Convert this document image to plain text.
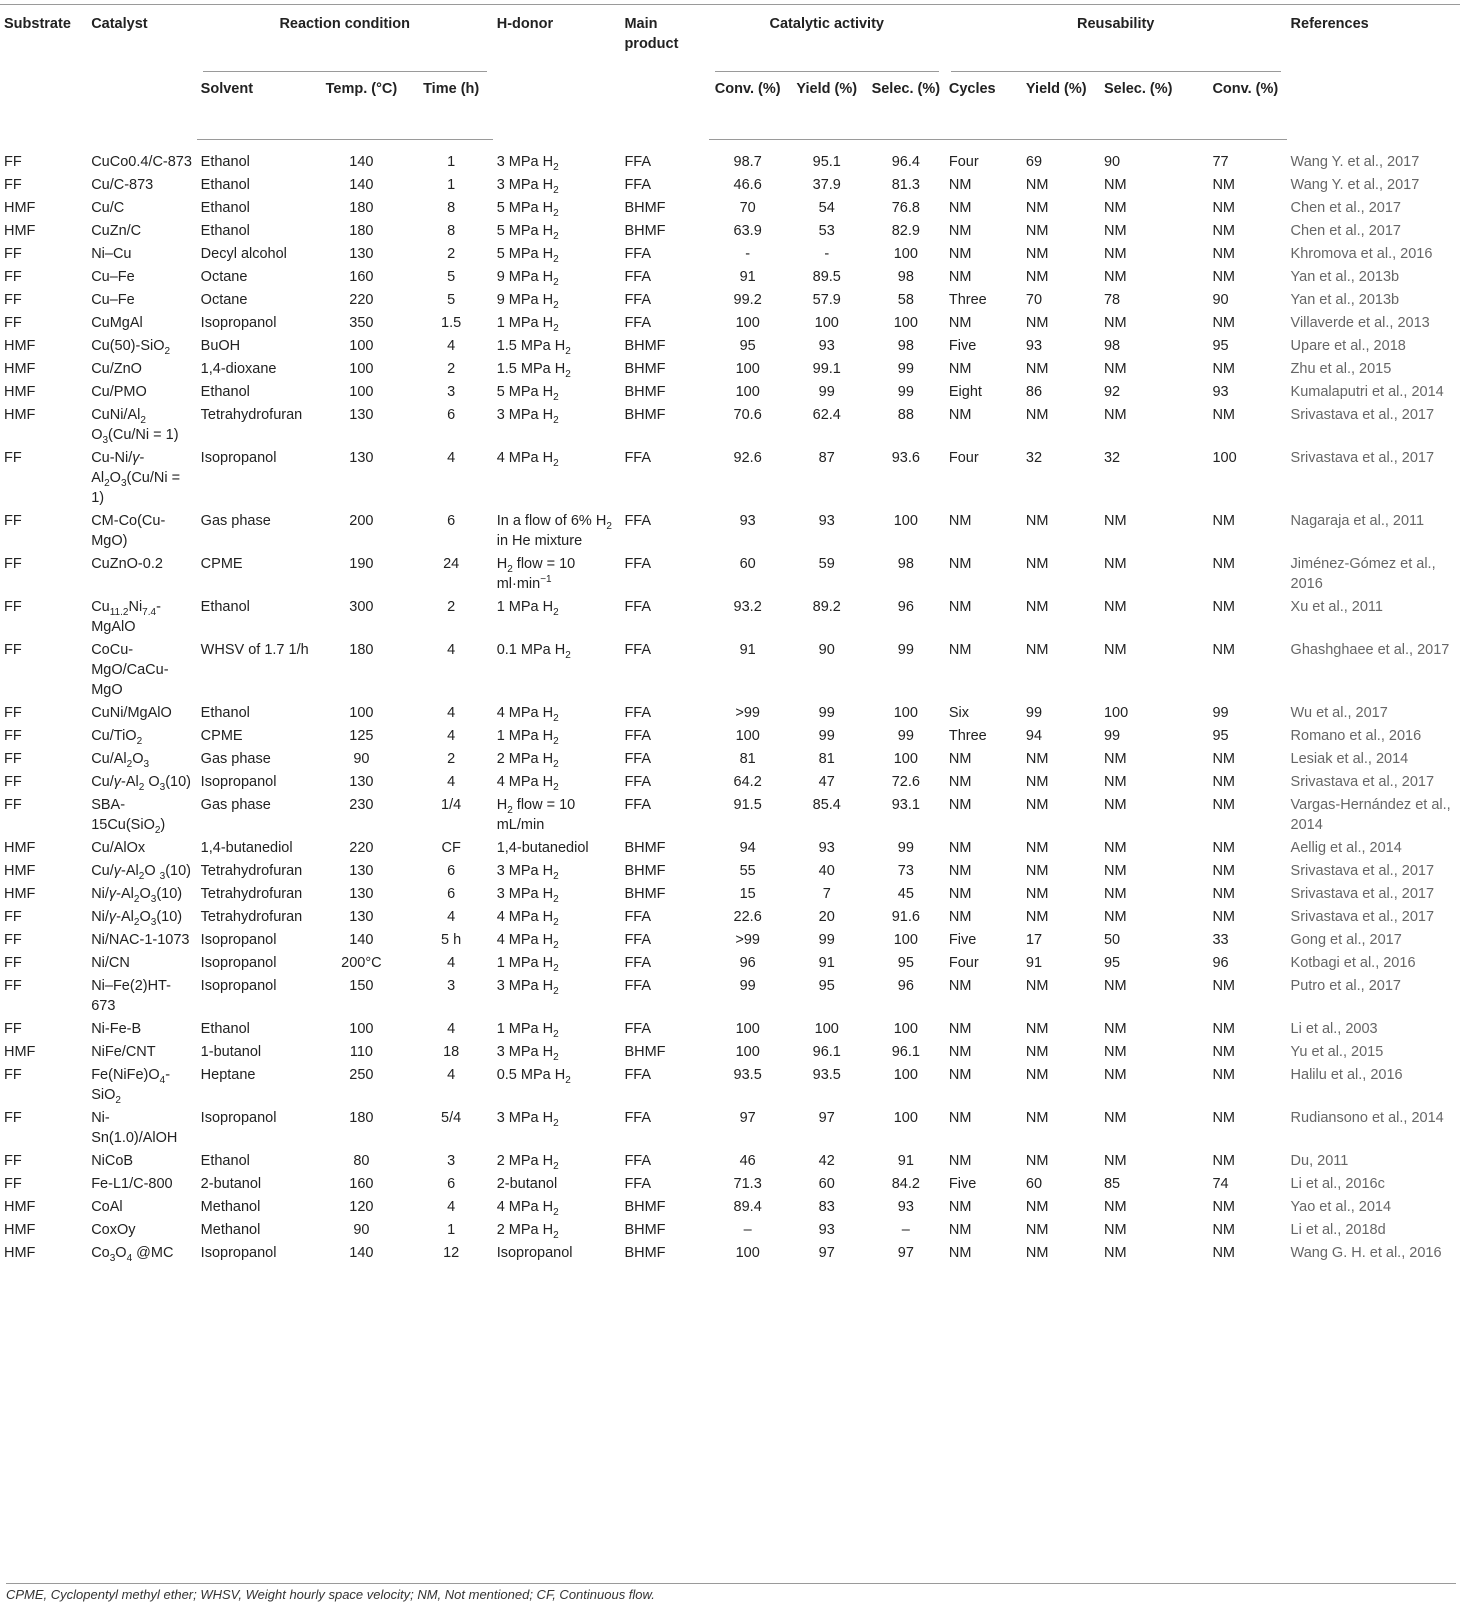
Substrate	Catalyst	Reaction condition			H-donor	Main product	Catalytic activity			Reusability				References
		Solvent	Temp. (°C)	Time (h)			Conv. (%)	Yield (%)	Selec. (%)	Cycles	Yield (%)	Selec. (%)	Conv. (%)	
FF	CuCo0.4/C-873	Ethanol	140	1	3 MPa $H_2$	FFA	98.7	95.1	96.4	Four	69	90	77	Wang Y. et al., 2017
FF	Cu/C-873	Ethanol	140	1	3 MPa $H_2$	FFA	46.6	37.9	81.3	NM	NM	NM	NM	Wang Y. et al., 2017
HMF	Cu/C	Ethanol	180	8	5 MPa $H_2$	BHMF	70	54	76.8	NM	NM	NM	NM	Chen et al., 2017
HMF	CuZn/C	Ethanol	180	8	5 MPa $H_2$	BHMF	63.9	53	82.9	NM	NM	NM	NM	Chen et al., 2017
FF	Ni–Cu	Decyl alcohol	130	2	5 MPa $H_2$	FFA	-	-	100	NM	NM	NM	NM	Khromova et al., 2016
FF	Cu–Fe	Octane	160	5	9 MPa $H_2$	FFA	91	89.5	98	NM	NM	NM	NM	Yan et al., 2013b
FF	Cu–Fe	Octane	220	5	9 MPa $H_2$	FFA	99.2	57.9	58	Three	70	78	90	Yan et al., 2013b
FF	CuMgAl	Isopropanol	350	1.5	1 MPa $H_2$	FFA	100	100	100	NM	NM	NM	NM	Villaverde et al., 2013
HMF	Cu(50)-SiO$_2$	BuOH	100	4	1.5 MPa $H_2$	BHMF	95	93	98	Five	93	98	95	Upare et al., 2018
HMF	Cu/ZnO	1,4-dioxane	100	2	1.5 MPa $H_2$	BHMF	100	99.1	99	NM	NM	NM	NM	Zhu et al., 2015
HMF	Cu/PMO	Ethanol	100	3	5 MPa $H_2$	BHMF	100	99	99	Eight	86	92	93	Kumalaputri et al., 2014
HMF	CuNi/$Al_2$ $O_3(Cu/Ni = 1)$	Tetrahydrofuran	130	6	3 MPa $H_2$	BHMF	70.6	62.4	88	NM	NM	NM	NM	Srivastava et al., 2017
FF	$Cu-Ni/\gamma-Al_2O_3(Cu/Ni = 1)$	Isopropanol	130	4	4 MPa $H_2$	FFA	92.6	87	93.6	Four	32	32	100	Srivastava et al., 2017
FF	CM-Co(Cu-MgO)	Gas phase	200	6	In a flow of 6% $H_2$ in He mixture	FFA	93	93	100	NM	NM	NM	NM	Nagaraja et al., 2011
FF	CuZnO-0.2	CPME	190	24	$H_2$ flow = 10 $ml\cdot\min^{-1}$	FFA	60	59	98	NM	NM	NM	NM	Jiménez-Gómez et al., 2016
FF	$Cu_{11.2}Ni_{7.4}$-MgAlO	Ethanol	300	2	1 MPa $H_2$	FFA	93.2	89.2	96	NM	NM	NM	NM	Xu et al., 2011
FF	CoCu-MgO/CaCu-MgO	WHSV of 1.7 1/h	180	4	0.1 MPa $H_2$	FFA	91	90	99	NM	NM	NM	NM	Ghashghaee et al., 2017
FF	CuNi/MgAlO	Ethanol	100	4	4 MPa $H_2$	FFA	>99	99	100	Six	99	100	99	Wu et al., 2017
FF	Cu/TiO$_2$	CPME	125	4	1 MPa $H_2$	FFA	100	99	99	Three	94	99	95	Romano et al., 2016
FF	$Cu/Al_2O_3$	Gas phase	90	2	2 MPa $H_2$	FFA	81	81	100	NM	NM	NM	NM	Lesiak et al., 2014
FF	$Cu/\gamma-Al_2$ $O_3(10)$	Isopropanol	130	4	4 MPa $H_2$	FFA	64.2	47	72.6	NM	NM	NM	NM	Srivastava et al., 2017
FF	SBA-15Cu(SiO$_2$)	Gas phase	230	1/4	$H_2$ flow = 10 mL/min	FFA	91.5	85.4	93.1	NM	NM	NM	NM	Vargas-Hernández et al., 2014
HMF	Cu/AlOx	1,4-butanediol	220	CF	1,4-butanediol	BHMF	94	93	99	NM	NM	NM	NM	Aellig et al., 2014
HMF	$Cu/\gamma-Al_2O$ $_3$(10)	Tetrahydrofuran	130	6	3 MPa $H_2$	BHMF	55	40	73	NM	NM	NM	NM	Srivastava et al., 2017
HMF	$Ni/\gamma-Al_2O_3(10)$	Tetrahydrofuran	130	6	3 MPa $H_2$	BHMF	15	7	45	NM	NM	NM	NM	Srivastava et al., 2017
FF	$Ni/\gamma-Al_2O_3(10)$	Tetrahydrofuran	130	4	4 MPa $H_2$	FFA	22.6	20	91.6	NM	NM	NM	NM	Srivastava et al., 2017
FF	Ni/NAC-1-1073	Isopropanol	140	5 h	4 MPa $H_2$	FFA	>99	99	100	Five	17	50	33	Gong et al., 2017
FF	Ni/CN	Isopropanol	200°C	4	1 MPa $H_2$	FFA	96	91	95	Four	91	95	96	Kotbagi et al., 2016
FF	Ni–Fe(2)HT-673	Isopropanol	150	3	3 MPa $H_2$	FFA	99	95	96	NM	NM	NM	NM	Putro et al., 2017
FF	Ni-Fe-B	Ethanol	100	4	1 MPa $H_2$	FFA	100	100	100	NM	NM	NM	NM	Li et al., 2003
HMF	NiFe/CNT	1-butanol	110	18	3 MPa $H_2$	BHMF	100	96.1	96.1	NM	NM	NM	NM	Yu et al., 2015
FF	$Fe(NiFe)O_4-SiO_2$	Heptane	250	4	0.5 MPa $H_2$	FFA	93.5	93.5	100	NM	NM	NM	NM	Halilu et al., 2016
FF	Ni-Sn(1.0)/AlOH	Isopropanol	180	5/4	3 MPa $H_2$	FFA	97	97	100	NM	NM	NM	NM	Rudiansono et al., 2014
FF	NiCoB	Ethanol	80	3	2 MPa $H_2$	FFA	46	42	91	NM	NM	NM	NM	Du, 2011
FF	Fe-L1/C-800	2-butanol	160	6	2-butanol	FFA	71.3	60	84.2	Five	60	85	74	Li et al., 2016c
HMF	CoAl	Methanol	120	4	4 MPa $H_2$	BHMF	89.4	83	93	NM	NM	NM	NM	Yao et al., 2014
HMF	CoxOy	Methanol	90	1	2 MPa $H_2$	BHMF	–	93	–	NM	NM	NM	NM	Li et al., 2018d
HMF	$Co_3O_4$ @MC	Isopropanol	140	12	Isopropanol	BHMF	100	97	97	NM	NM	NM	NM	Wang G. H. et al., 2016
CPME, Cyclopentyl methyl ether; WHSV, Weight hourly space velocity; NM, Not mentioned; CF, Continuous flow.
